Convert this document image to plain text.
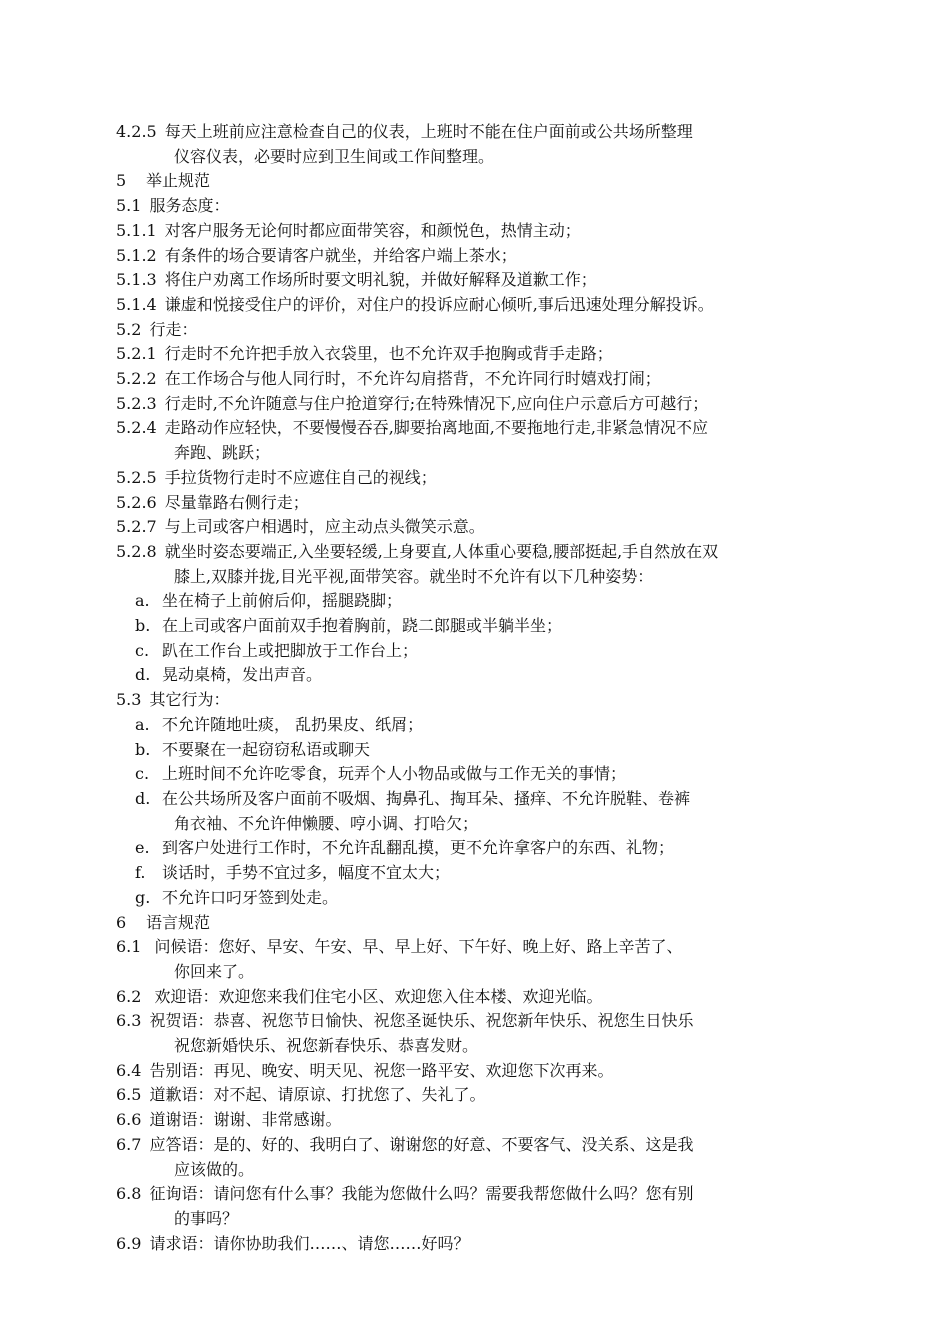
4.2.5 每天上班前应注意检查自己的仪表，上班时不能在住户面前或公共场所整理
仪容仪表，必要时应到卫生间或工作间整理。
5 举止规范
5.1 服务态度：
5.1.1 对客户服务无论何时都应面带笑容，和颜悦色，热情主动；
5.1.2 有条件的场合要请客户就坐，并给客户端上茶水；
5.1.3 将住户劝离工作场所时要文明礼貌，并做好解释及道歉工作；
5.1.4 谦虚和悦接受住户的评价，对住户的投诉应耐心倾听,事后迅速处理分解投诉。
5.2 行走：
5.2.1 行走时不允许把手放入衣袋里，也不允许双手抱胸或背手走路；
5.2.2 在工作场合与他人同行时，不允许勾肩搭背，不允许同行时嬉戏打闹；
5.2.3 行走时,不允许随意与住户抢道穿行;在特殊情况下,应向住户示意后方可越行；
5.2.4 走路动作应轻快，不要慢慢吞吞,脚要抬离地面,不要拖地行走,非紧急情况不应
奔跑、跳跃；
5.2.5 手拉货物行走时不应遮住自己的视线；
5.2.6 尽量靠路右侧行走；
5.2.7 与上司或客户相遇时，应主动点头微笑示意。
5.2.8 就坐时姿态要端正,入坐要轻缓,上身要直,人体重心要稳,腰部挺起,手自然放在双
膝上,双膝并拢,目光平视,面带笑容。就坐时不允许有以下几种姿势：
a. 坐在椅子上前俯后仰，摇腿跷脚；
b. 在上司或客户面前双手抱着胸前，跷二郎腿或半躺半坐；
c. 趴在工作台上或把脚放于工作台上；
d. 晃动桌椅，发出声音。
5.3 其它行为：
a. 不允许随地吐痰， 乱扔果皮、纸屑；
b. 不要聚在一起窃窃私语或聊天
c. 上班时间不允许吃零食，玩弄个人小物品或做与工作无关的事情；
d. 在公共场所及客户面前不吸烟、掏鼻孔、掏耳朵、搔痒、不允许脱鞋、卷裤
角衣袖、不允许伸懒腰、哼小调、打哈欠；
e. 到客户处进行工作时，不允许乱翻乱摸，更不允许拿客户的东西、礼物；
f. 谈话时，手势不宜过多，幅度不宜太大；
g. 不允许口叼牙签到处走。
6 语言规范
6.1 问候语：您好、早安、午安、早、早上好、下午好、晚上好、路上辛苦了、
你回来了。
6.2 欢迎语：欢迎您来我们住宅小区、欢迎您入住本楼、欢迎光临。
6.3 祝贺语：恭喜、祝您节日愉快、祝您圣诞快乐、祝您新年快乐、祝您生日快乐
祝您新婚快乐、祝您新春快乐、恭喜发财。
6.4 告别语：再见、晚安、明天见、祝您一路平安、欢迎您下次再来。
6.5 道歉语：对不起、请原谅、打扰您了、失礼了。
6.6 道谢语：谢谢、非常感谢。
6.7 应答语：是的、好的、我明白了、谢谢您的好意、不要客气、没关系、这是我
应该做的。
6.8 征询语：请问您有什么事？我能为您做什么吗？需要我帮您做什么吗？您有别
的事吗？
6.9 请求语：请你协助我们……、请您……好吗？
